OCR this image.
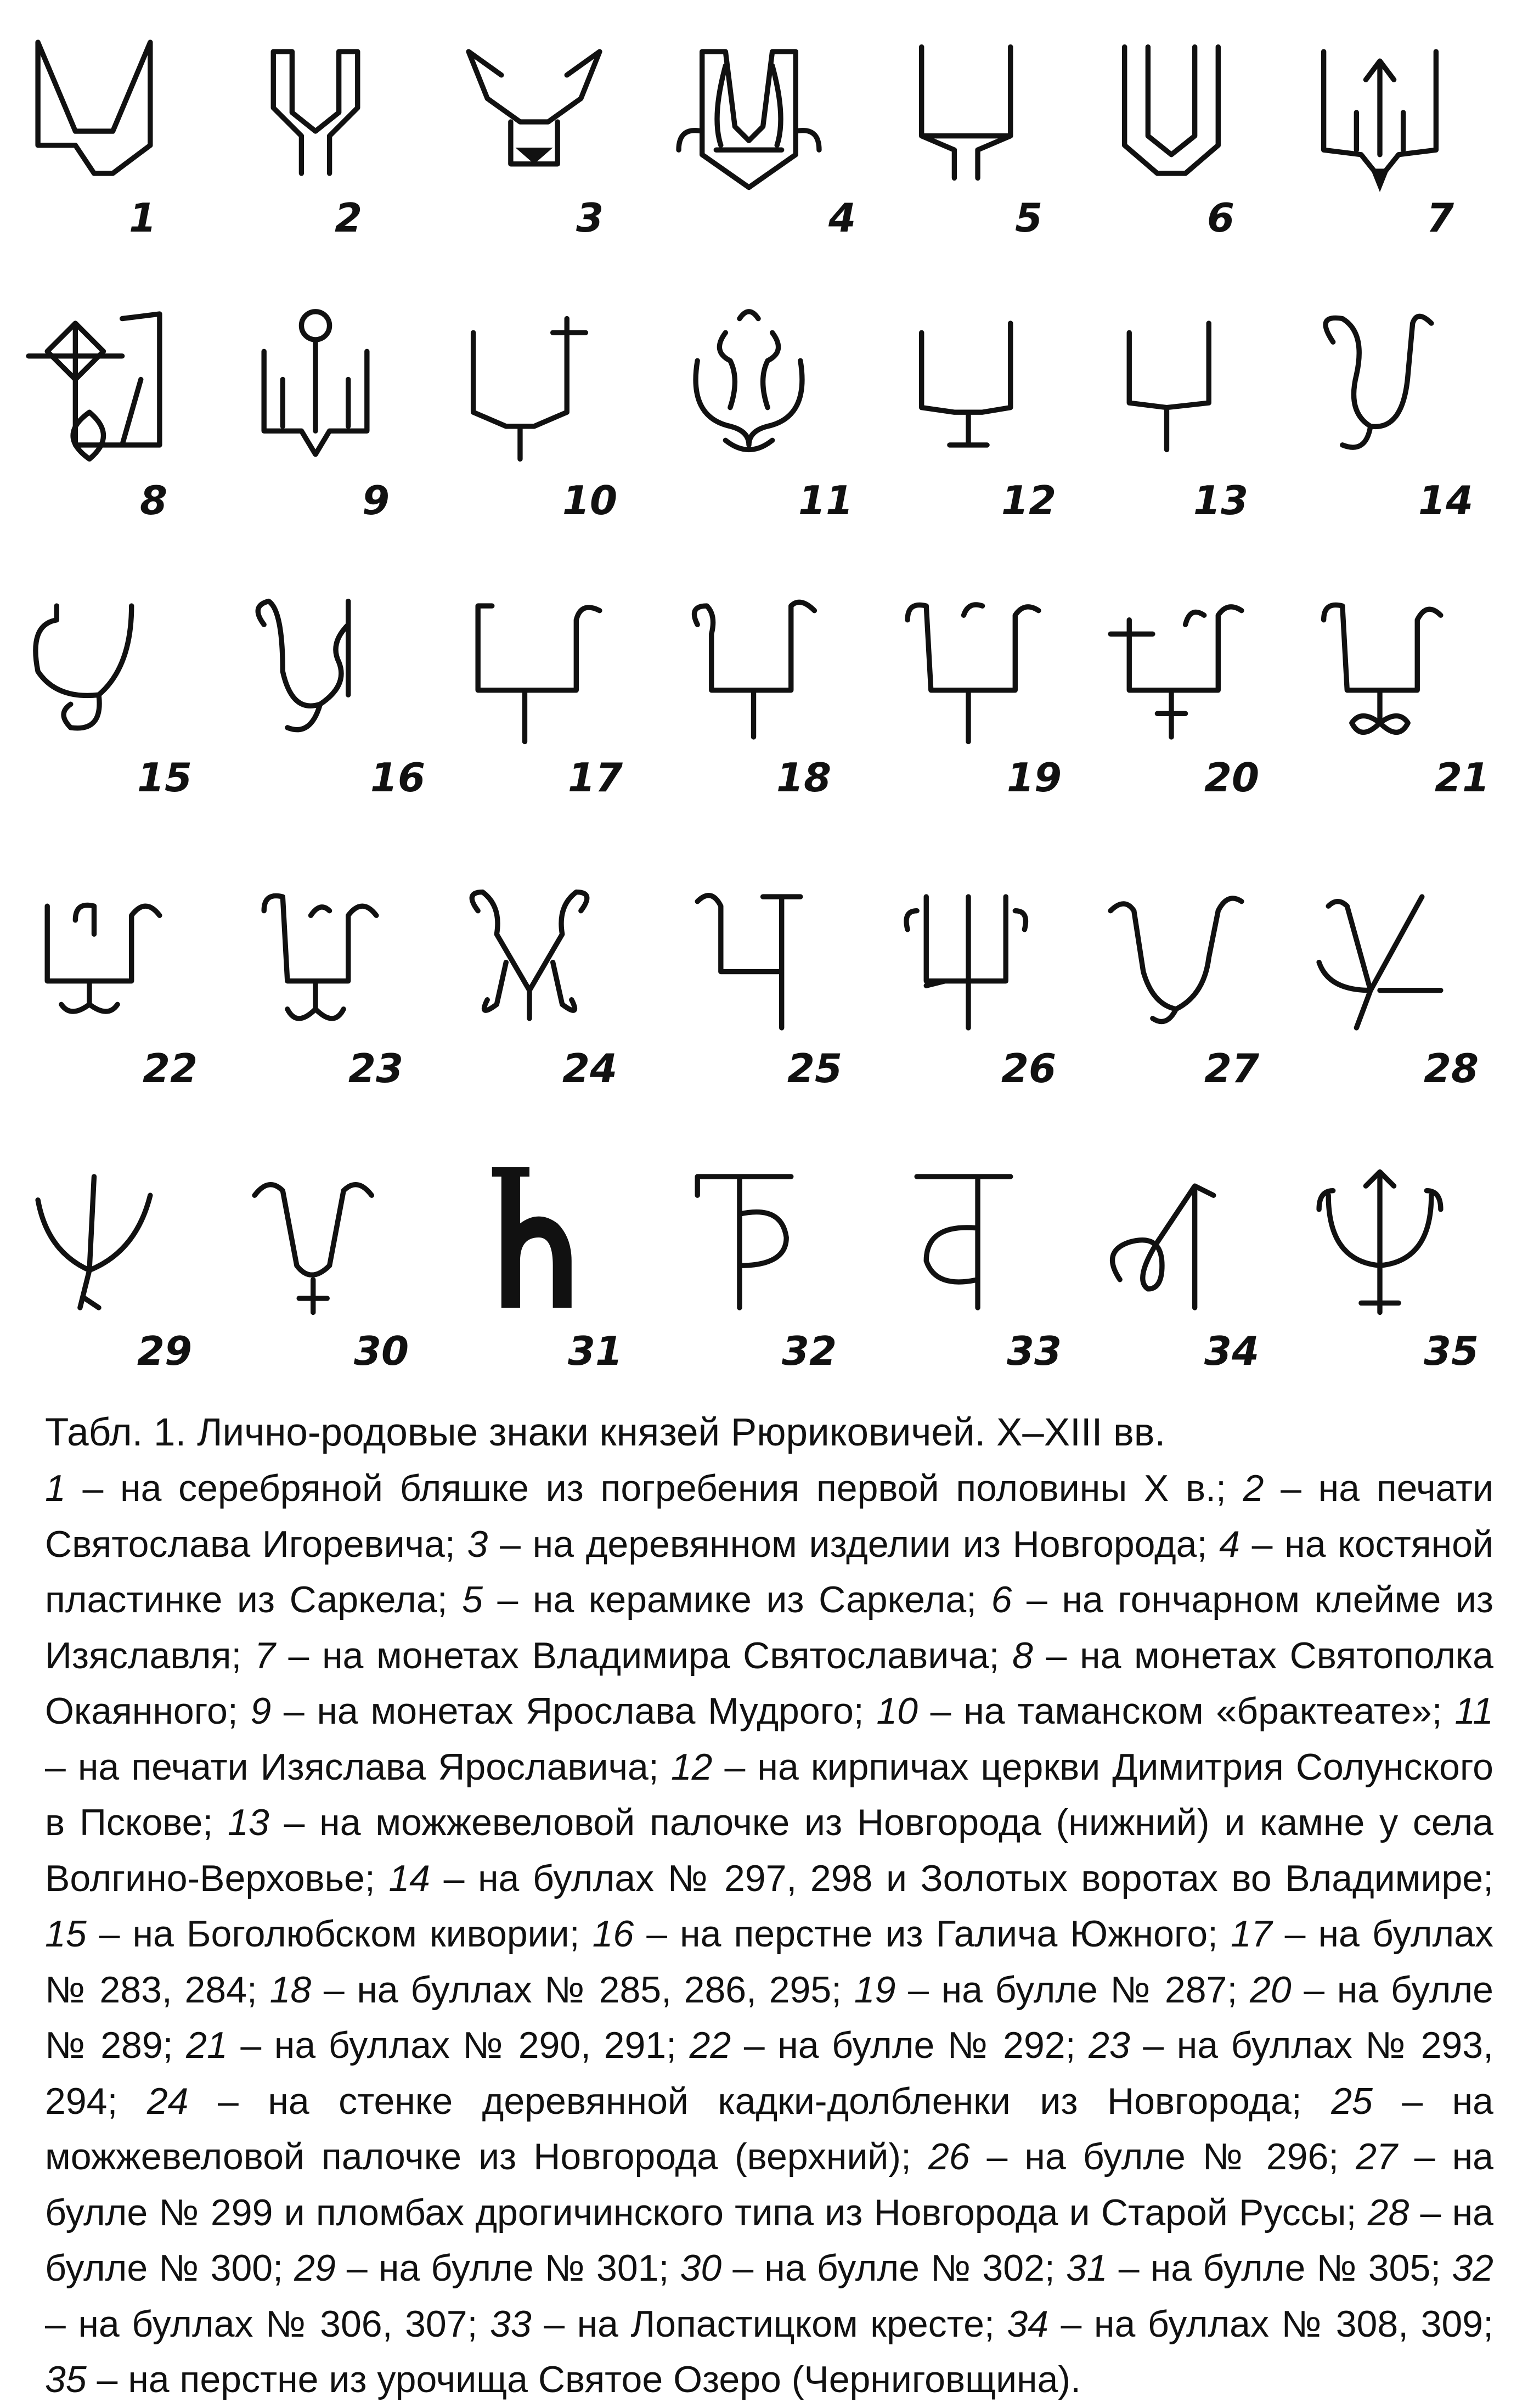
1	2	3	4	5	6	7
8	9	10	11	12	13	14
15	16	17	18	19	20	21
22	23	24	25	26	27	28
29	30	31	32	33	34	35

Табл. 1. Лично-родовые знаки князей Рюриковичей. X–XIII вв.

1 – на серебряной бляшке из погребения первой половины X в.; 2 – на печати Святослава Игоревича; 3 – на деревянном изделии из Новгорода; 4 – на костяной пластинке из Саркела; 5 – на керамике из Саркела; 6 – на гончарном клейме из Изяславля; 7 – на монетах Владимира Святославича; 8 – на монетах Святополка Окаянного; 9 – на монетах Ярослава Мудрого; 10 – на таманском «брактеате»; 11 – на печати Изяслава Ярославича; 12 – на кирпичах церкви Димитрия Солунского в Пскове; 13 – на можжевеловой палочке из Новгорода (нижний) и камне у села Волгино-Верховье; 14 – на буллах № 297, 298 и Золотых воротах во Владимире; 15 – на Боголюбском кивории; 16 – на перстне из Галича Южного; 17 – на буллах № 283, 284; 18 – на буллах № 285, 286, 295; 19 – на булле № 287; 20 – на булле № 289; 21 – на буллах № 290, 291; 22 – на булле № 292; 23 – на буллах № 293, 294; 24 – на стенке деревянной кадки-долбленки из Новгорода; 25 – на можжевеловой палочке из Новгорода (верхний); 26 – на булле № 296; 27 – на булле № 299 и пломбах дрогичинского типа из Новгорода и Старой Руссы; 28 – на булле № 300; 29 – на булле № 301; 30 – на булле № 302; 31 – на булле № 305; 32 – на буллах № 306, 307; 33 – на Лопастицком кресте; 34 – на буллах № 308, 309; 35 – на перстне из урочища Святое Озеро (Черниговщина).
